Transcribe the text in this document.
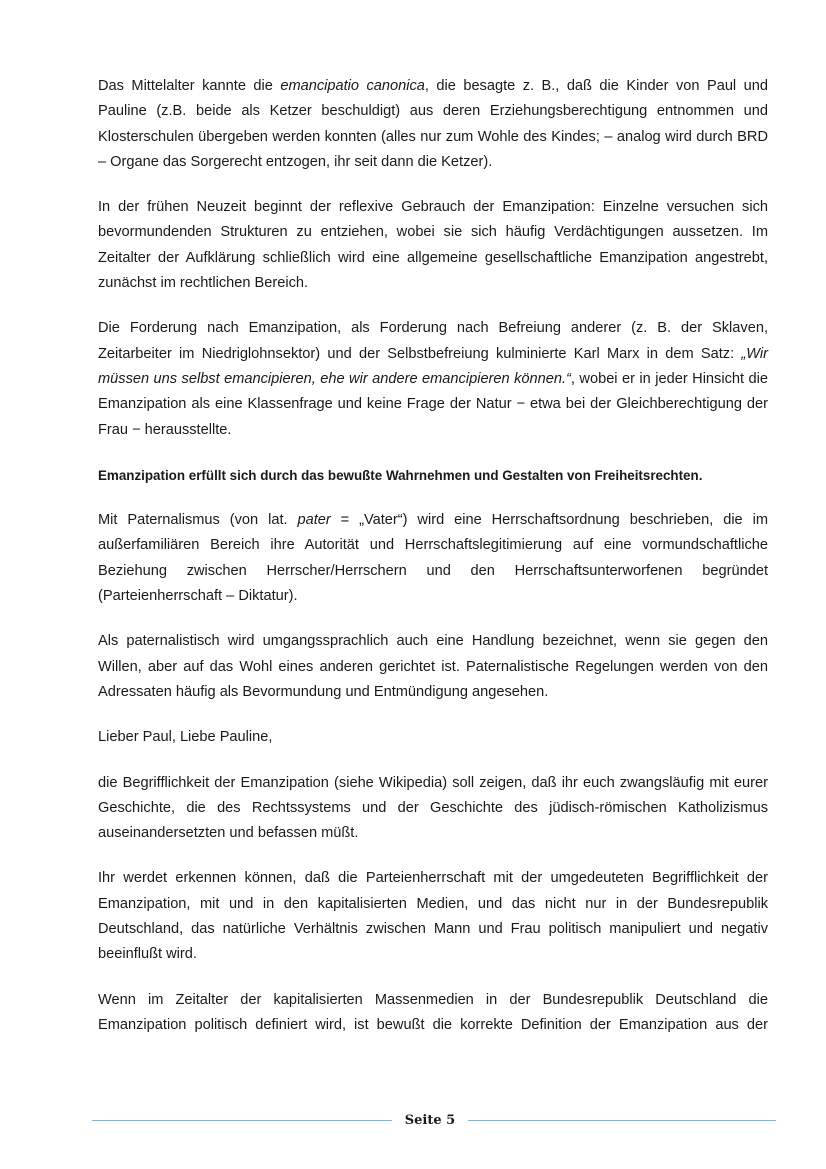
Das Mittelalter kannte die emancipatio canonica, die besagte z. B., daß die Kinder von Paul und Pauline (z.B. beide als Ketzer beschuldigt) aus deren Erziehungsberechtigung entnommen und Klosterschulen übergeben werden konnten (alles nur zum Wohle des Kindes; – analog wird durch BRD – Organe das Sorgerecht entzogen, ihr seit dann die Ketzer).

In der frühen Neuzeit beginnt der reflexive Gebrauch der Emanzipation: Einzelne versuchen sich bevormundenden Strukturen zu entziehen, wobei sie sich häufig Verdächtigungen aussetzen. Im Zeitalter der Aufklärung schließlich wird eine allgemeine gesellschaftliche Emanzipation angestrebt, zunächst im rechtlichen Bereich.

Die Forderung nach Emanzipation, als Forderung nach Befreiung anderer (z. B. der Sklaven, Zeitarbeiter im Niedriglohnsektor) und der Selbstbefreiung kulminierte Karl Marx in dem Satz: „Wir müssen uns selbst emancipieren, ehe wir andere emancipieren können.“, wobei er in jeder Hinsicht die Emanzipation als eine Klassenfrage und keine Frage der Natur − etwa bei der Gleichberechtigung der Frau − herausstellte.

Emanzipation erfüllt sich durch das bewußte Wahrnehmen und Gestalten von Freiheitsrechten.

Mit Paternalismus (von lat. pater = „Vater“) wird eine Herrschaftsordnung beschrieben, die im außerfamiliären Bereich ihre Autorität und Herrschaftslegitimierung auf eine vormundschaftliche Beziehung zwischen Herrscher/Herrschern und den Herrschaftsunterworfenen begründet (Parteienherrschaft – Diktatur).

Als paternalistisch wird umgangssprachlich auch eine Handlung bezeichnet, wenn sie gegen den Willen, aber auf das Wohl eines anderen gerichtet ist. Paternalistische Regelungen werden von den Adressaten häufig als Bevormundung und Entmündigung angesehen.

Lieber Paul, Liebe Pauline,

die Begrifflichkeit der Emanzipation (siehe Wikipedia) soll zeigen, daß ihr euch zwangsläufig mit eurer Geschichte, die des Rechtssystems und der Geschichte des jüdisch-römischen Katholizismus auseinandersetzten und befassen müßt.

Ihr werdet erkennen können, daß die Parteienherrschaft mit der umgedeuteten Begrifflichkeit der Emanzipation, mit und in den kapitalisierten Medien, und das nicht nur in der Bundesrepublik Deutschland, das natürliche Verhältnis zwischen Mann und Frau politisch manipuliert und negativ beeinflußt wird.

Wenn im Zeitalter der kapitalisierten Massenmedien in der Bundesrepublik Deutschland die Emanzipation politisch definiert wird, ist bewußt die korrekte Definition der Emanzipation aus der

Seite 5
